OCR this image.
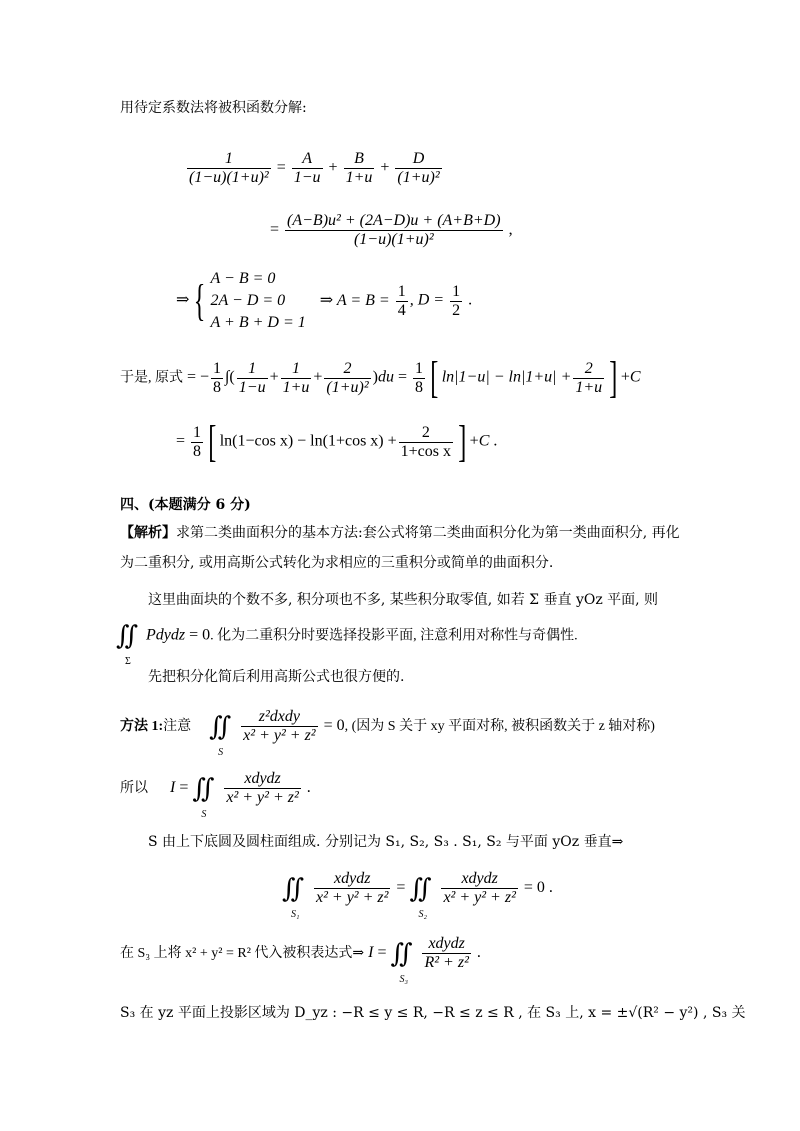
用待定系数法将被积函数分解:
$\frac{1}{\text{(1−u)(1+u)²}} = \frac{A}{1-u} + \frac{B}{1+u} + \frac{D}{\text{(1+u)²}}$
= $\frac{\text{(A−B)u² + (2A−D)u + (A+B+D)}}{\text{(1−u)(1+u)²}}$ ,
⇒ { A − B = 0
2A − D = 0
A + B + D = 1
⇒ $A = B = \frac{1}{4}$ , $D = \frac{1}{2}$ .
于是, 原式 = − $\frac{1}{8}$ ∫( $\frac{1}{1-u} + \frac{1}{1+u} + \frac{2}{\text{(1+u)²}} )du = \frac{1}{8}$ [ $\ln|1-u| - \ln|1+u| + \frac{2}{1+u}$ ] +C
= $\frac{1}{8}$ [ ln(1−cos x) − ln(1+cos $x) + \frac{2}{\text{1+cos x}}$ ] +C .
四、(本题满分 6 分)
【解析】求第二类曲面积分的基本方法:套公式将第二类曲面积分化为第一类曲面积分, 再化
为二重积分, 或用高斯公式转化为求相应的三重积分或简单的曲面积分.
这里曲面块的个数不多, 积分项也不多, 某些积分取零值, 如若 Σ 垂直 yOz 平面, 则
∬
Σ
Pdydz = 0. 化为二重积分时要选择投影平面, 注意利用对称性与奇偶性.
先把积分化简后利用高斯公式也很方便的.
方法 1:注意 ∬
S
$\frac{\text{z²dxdy}}{\text{x² + y² + z²}} = 0$, (因为 S 关于 xy 平面对称, 被积函数关于 z 轴对称)
所以 I = ∬
S
$\frac{\text{xdydz}}{\text{x² + y² + z²}}$ .
S 由上下底圆及圆柱面组成. 分别记为 S₁, S₂, S₃ . S₁, S₂ 与平面 yOz 垂直⇒
∬
S₁
$\frac{\text{xdydz}}{\text{x² + y² + z²}}$ = ∬
S₂
$\frac{\text{xdydz}}{\text{x² + y² + z²}} = 0$ .
在 S₃ 上将 x² + y² = R² 代入被积表达式⇒ I = ∬
S₃
$\frac{\text{xdydz}}{\text{R² + z²}}$ .
S₃ 在 yz 平面上投影区域为 D_yz : −R ≤ y ≤ R, −R ≤ z ≤ R , 在 S₃ 上, x = ±√(R² − y²) , S₃ 关
